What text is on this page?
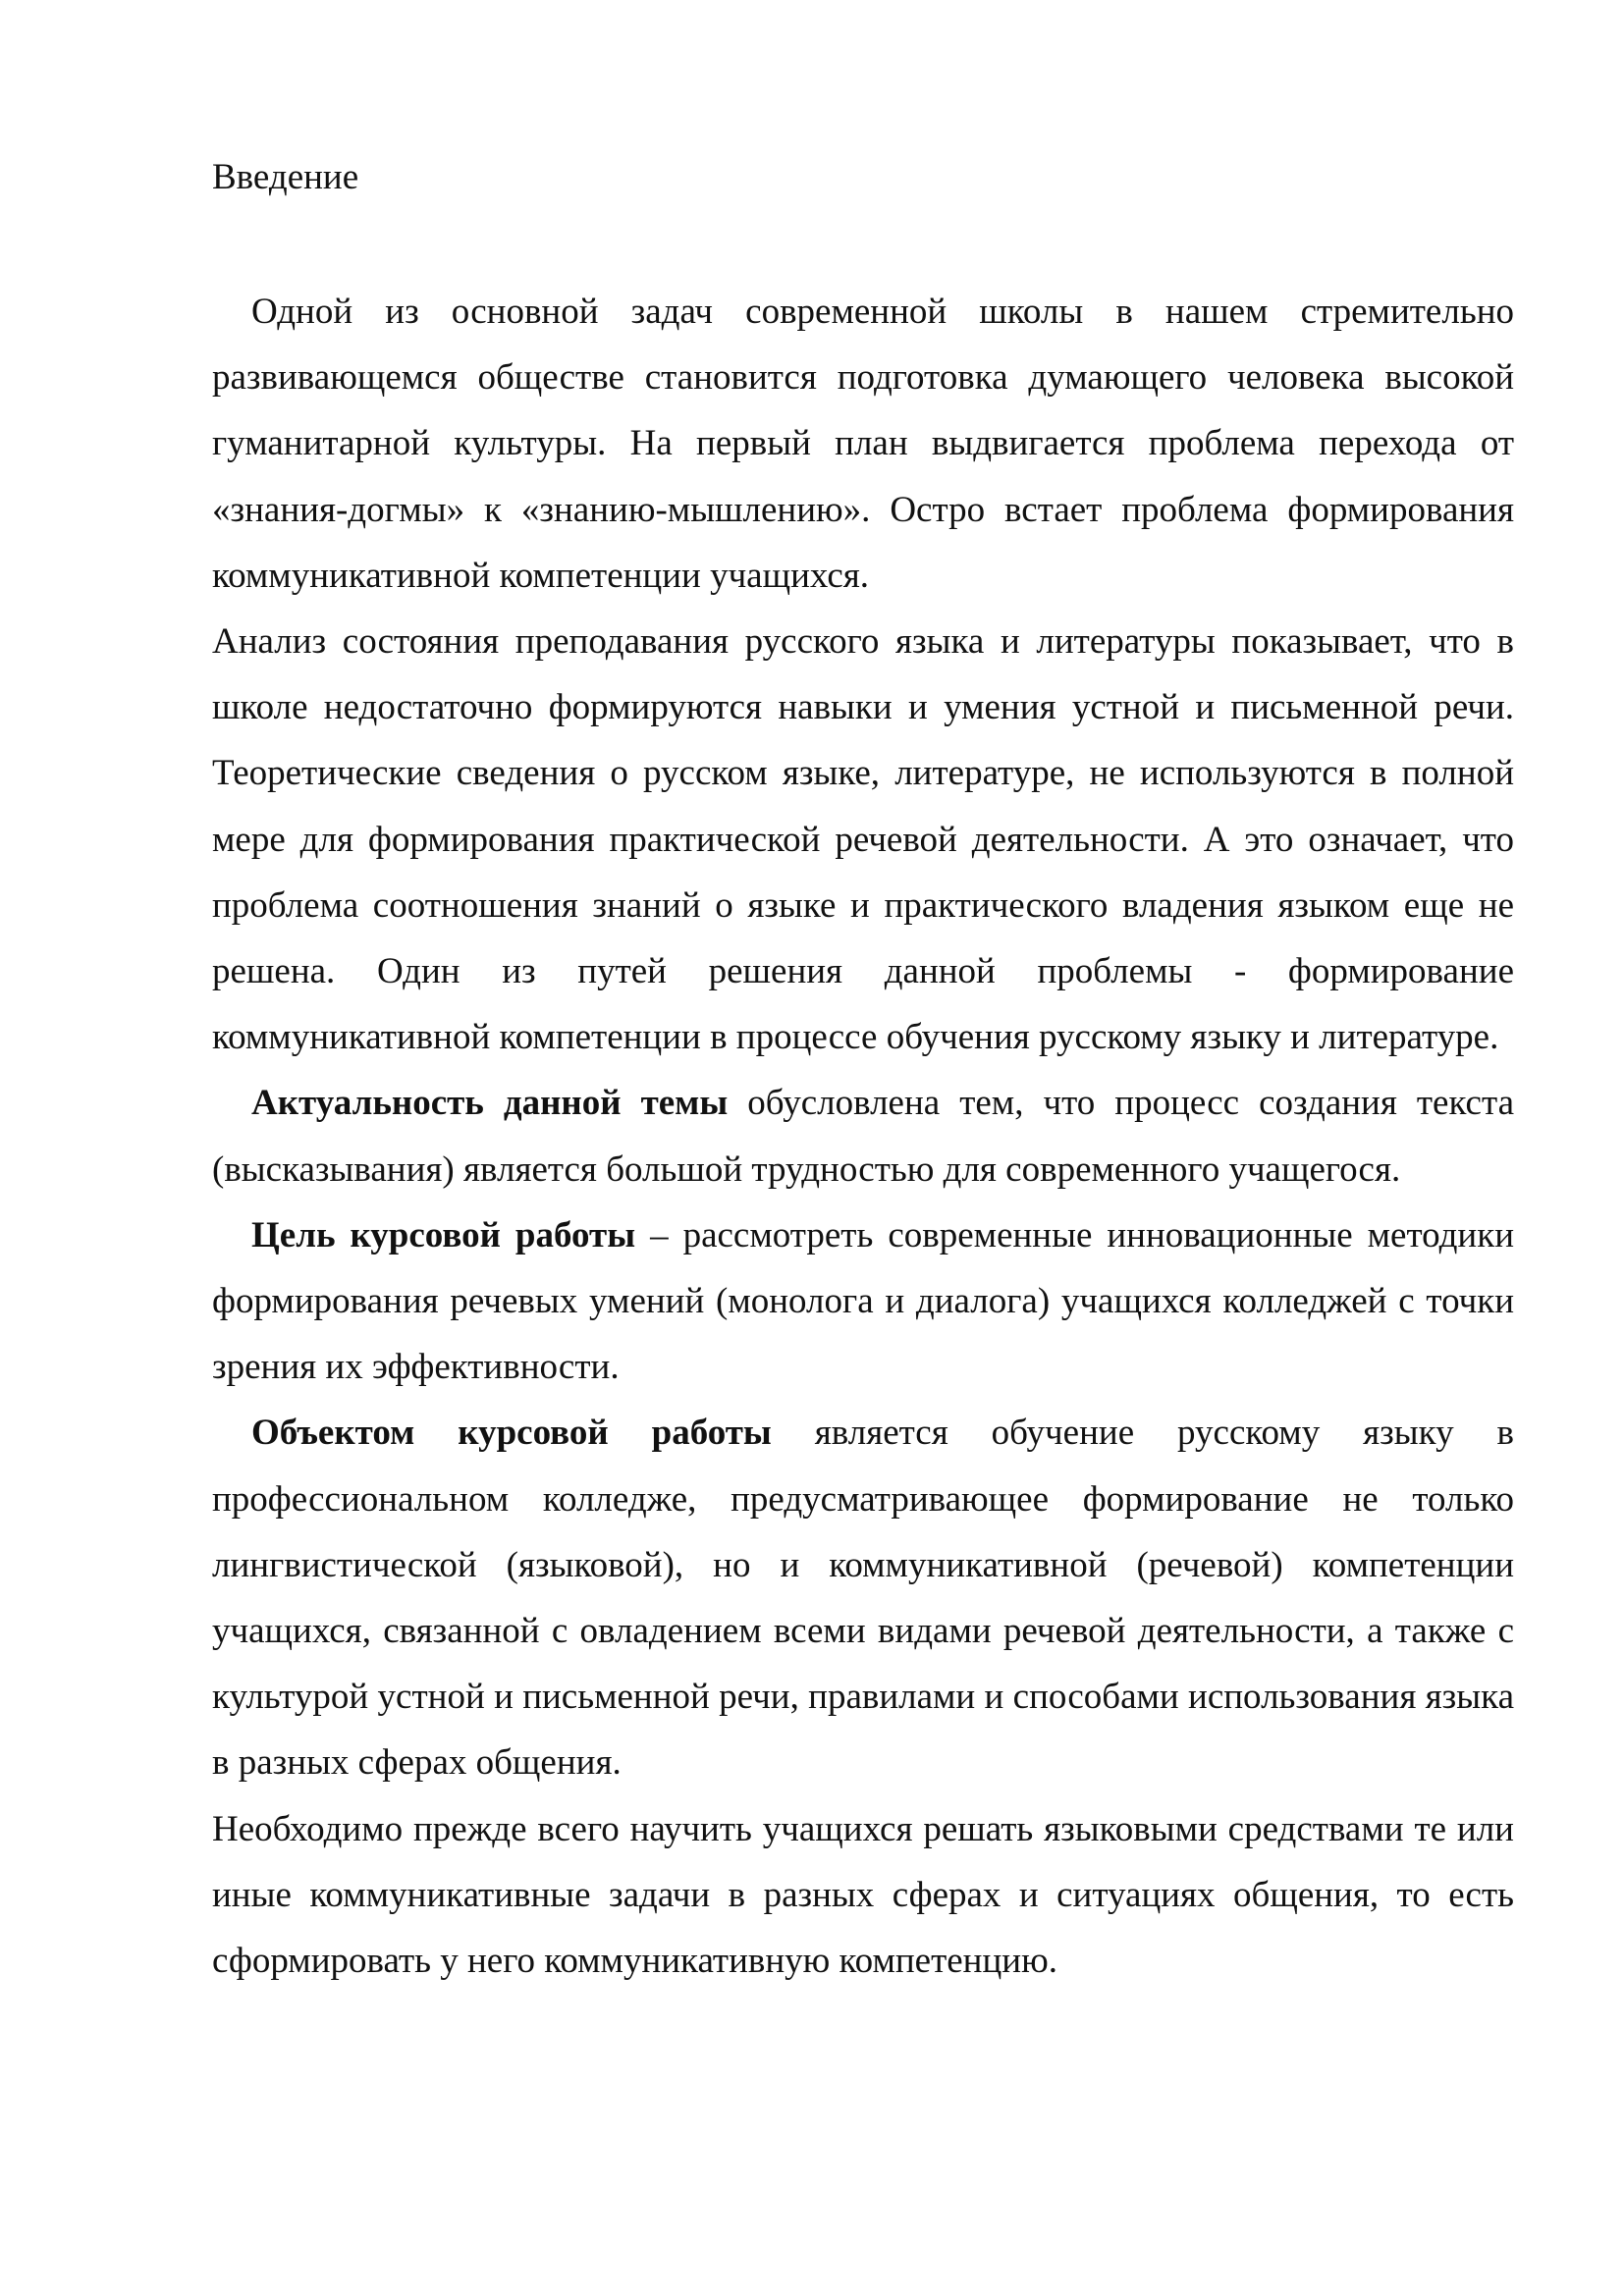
Введение

Одной из основной задач современной школы в нашем стремительно развивающемся обществе становится подготовка думающего человека высокой гуманитарной культуры. На первый план выдвигается проблема перехода от «знания-догмы» к «знанию-мышлению». Остро встает проблема формирования коммуникативной компетенции учащихся.

Анализ состояния преподавания русского языка и литературы показывает, что в школе недостаточно формируются навыки и умения устной и письменной речи. Теоретические сведения о русском языке, литературе, не используются в полной мере для формирования практической речевой деятельности. А это означает, что проблема соотношения знаний о языке и практического владения языком еще не решена. Один из путей решения данной проблемы - формирование коммуникативной компетенции в процессе обучения русскому языку и литературе.

Актуальность данной темы обусловлена тем, что процесс создания текста (высказывания) является большой трудностью для современного учащегося.

Цель курсовой работы – рассмотреть современные инновационные методики формирования речевых умений (монолога и диалога) учащихся колледжей с точки зрения их эффективности.

Объектом курсовой работы является обучение русскому языку в профессиональном колледже, предусматривающее формирование не только лингвистической (языковой), но и коммуникативной (речевой) компетенции учащихся, связанной с овладением всеми видами речевой деятельности, а также с культурой устной и письменной речи, правилами и способами использования языка в разных сферах общения.

Необходимо прежде всего научить учащихся решать языковыми средствами те или иные коммуникативные задачи в разных сферах и ситуациях общения, то есть сформировать у него коммуникативную компетенцию.
